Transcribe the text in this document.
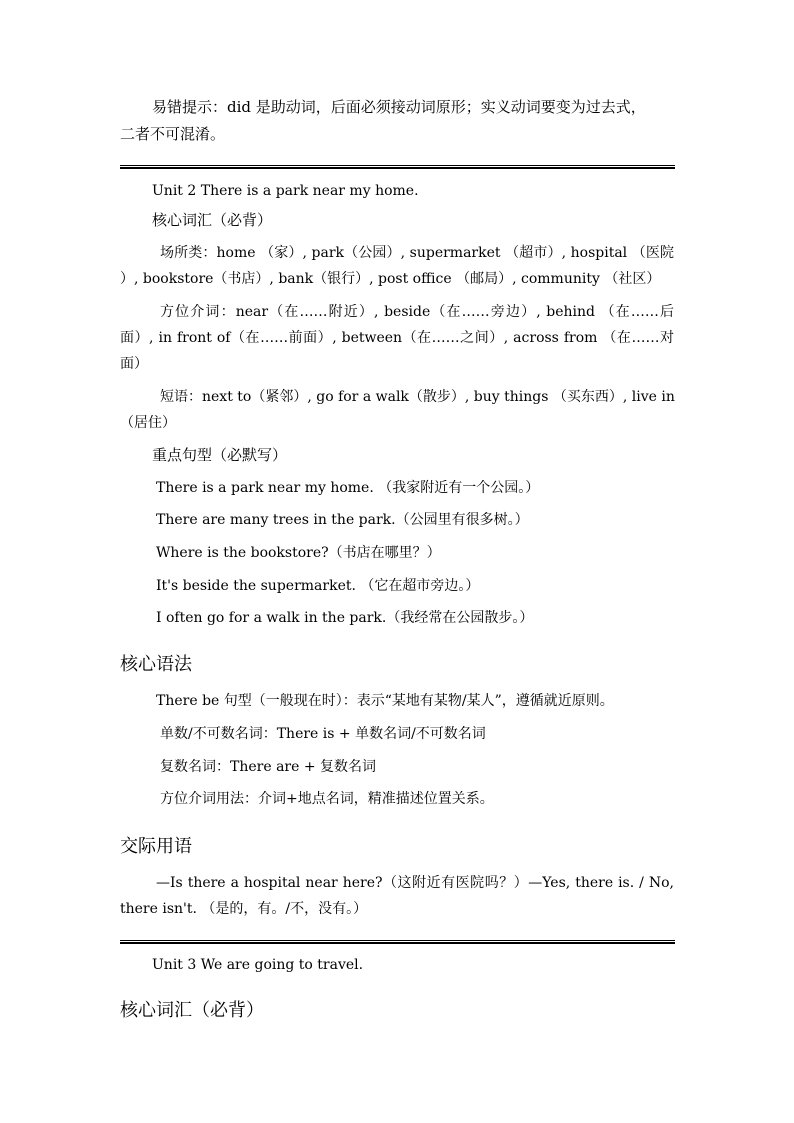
易错提示：did 是助动词，后面必须接动词原形；实义动词要变为过去式，
二者不可混淆。
Unit 2 There is a park near my home.
核心词汇（必背）
场所类：home （家）, park（公园）, supermarket （超市）, hospital （医院
）, bookstore（书店）, bank（银行）, post office （邮局）, community （社区）
方位介词：near（在……附近）, beside（在……旁边）, behind （在……后
面）, in front of（在……前面）, between（在……之间）, across from （在……对
面）
短语：next to（紧邻）, go for a walk（散步）, buy things （买东西）, live in
（居住）
重点句型（必默写）
There is a park near my home. （我家附近有一个公园。）
There are many trees in the park.（公园里有很多树。）
Where is the bookstore?（书店在哪里？）
It's beside the supermarket. （它在超市旁边。）
I often go for a walk in the park.（我经常在公园散步。）
核心语法
There be 句型（一般现在时）：表示“某地有某物/某人”，遵循就近原则。
单数/不可数名词：There is + 单数名词/不可数名词
复数名词：There are + 复数名词
方位介词用法：介词+地点名词，精准描述位置关系。
交际用语
—Is there a hospital near here?（这附近有医院吗？）—Yes, there is. / No,
there isn't. （是的，有。/不，没有。）
Unit 3 We are going to travel.
核心词汇（必背）
